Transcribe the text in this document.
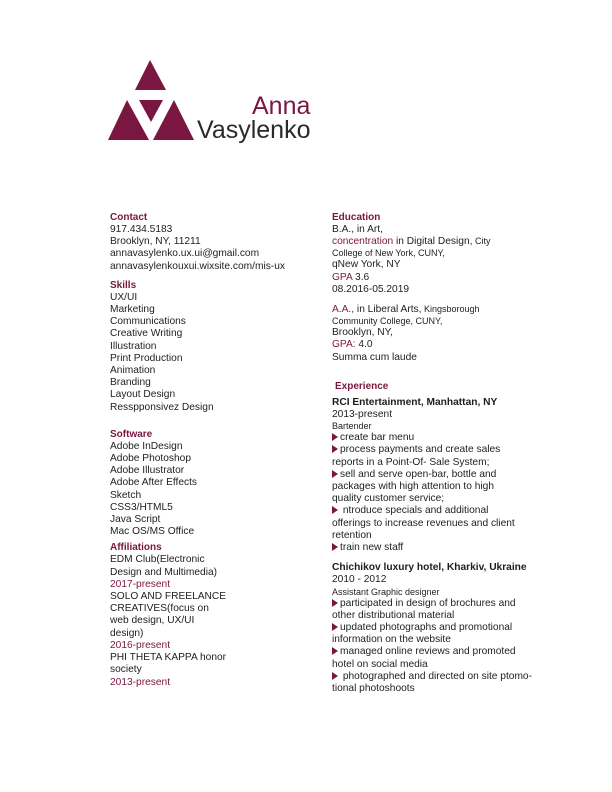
Anna
Vasylenko
Contact
917.434.5183
Brooklyn, NY, 11211
annavasylenko.ux.ui@gmail.com
annavasylenkouxui.wixsite.com/mis-ux
Skills
UX/UI
Marketing
Communications
Creative Writing
Illustration
Print Production
Animation
Branding
Layout Design
Resspponsivez Design
Software
Adobe InDesign
Adobe Photoshop
Adobe Illustrator
Adobe After Effects
Sketch
CSS3/HTML5
Java Script
Mac OS/MS Office
Affiliations
EDM Club(Electronic
Design and Multimedia)
2017-present
SOLO AND FREELANCE
CREATIVES(focus on
web design, UX/UI
design)
2016-present
PHI THETA KAPPA honor
society
2013-present
Education
B.A., in Art,
concentration in Digital Design, City
College of New York, CUNY,
qNew York, NY
GPA 3.6
08.2016-05.2019
A.A., in Liberal Arts, Kingsborough
Community College, CUNY,
Brooklyn, NY,
GPA: 4.0
Summa cum laude
Experience
RCI Entertainment, Manhattan, NY
2013-present
Bartender
create bar menu
process payments and create sales
reports in a Point-Of- Sale System;
sell and serve open-bar, bottle and
packages with high attention to high
quality customer service;
ntroduce specials and additional
offerings to increase revenues and client
retention
train new staff
Chichikov luxury hotel, Kharkiv, Ukraine
2010 - 2012
Assistant Graphic designer
participated in design of brochures and
other distributional material
updated photographs and promotional
information on the website
managed online reviews and promoted
hotel on social media
photographed and directed on site ptomo-
tional photoshoots
